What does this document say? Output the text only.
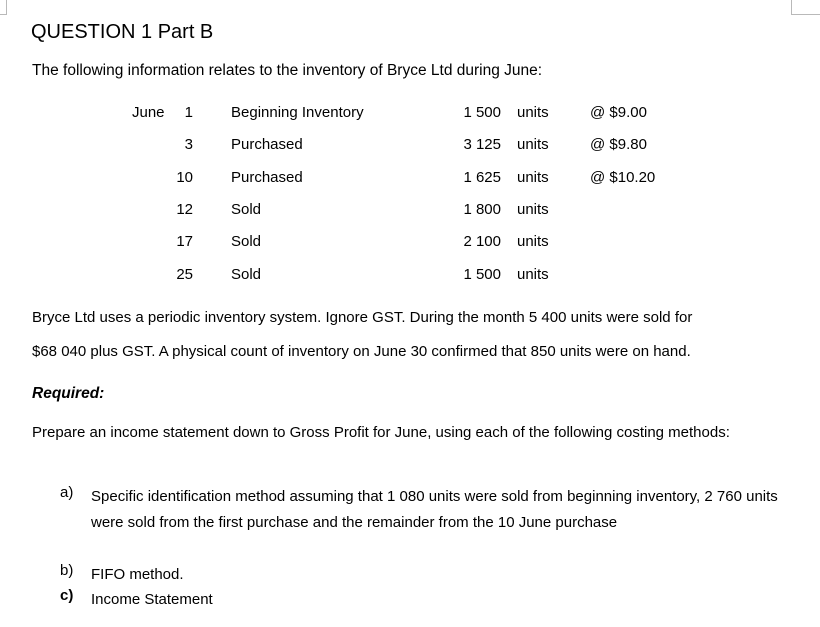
QUESTION 1 Part B
The following information relates to the inventory of Bryce Ltd during June:
June 1	Beginning Inventory	1 500 units	@ $9.00
3	Purchased	3 125 units	@ $9.80
10	Purchased	1 625 units	@ $10.20
12	Sold	1 800 units
17	Sold	2 100 units
25	Sold	1 500 units
Bryce Ltd uses a periodic inventory system. Ignore GST. During the month 5 400 units were sold for
$68 040 plus GST. A physical count of inventory on June 30 confirmed that 850 units were on hand.
Required:
Prepare an income statement down to Gross Profit for June, using each of the following costing methods:
a) Specific identification method assuming that 1 080 units were sold from beginning inventory, 2 760 units were sold from the first purchase and the remainder from the 10 June purchase
b) FIFO method.
c) Income Statement
